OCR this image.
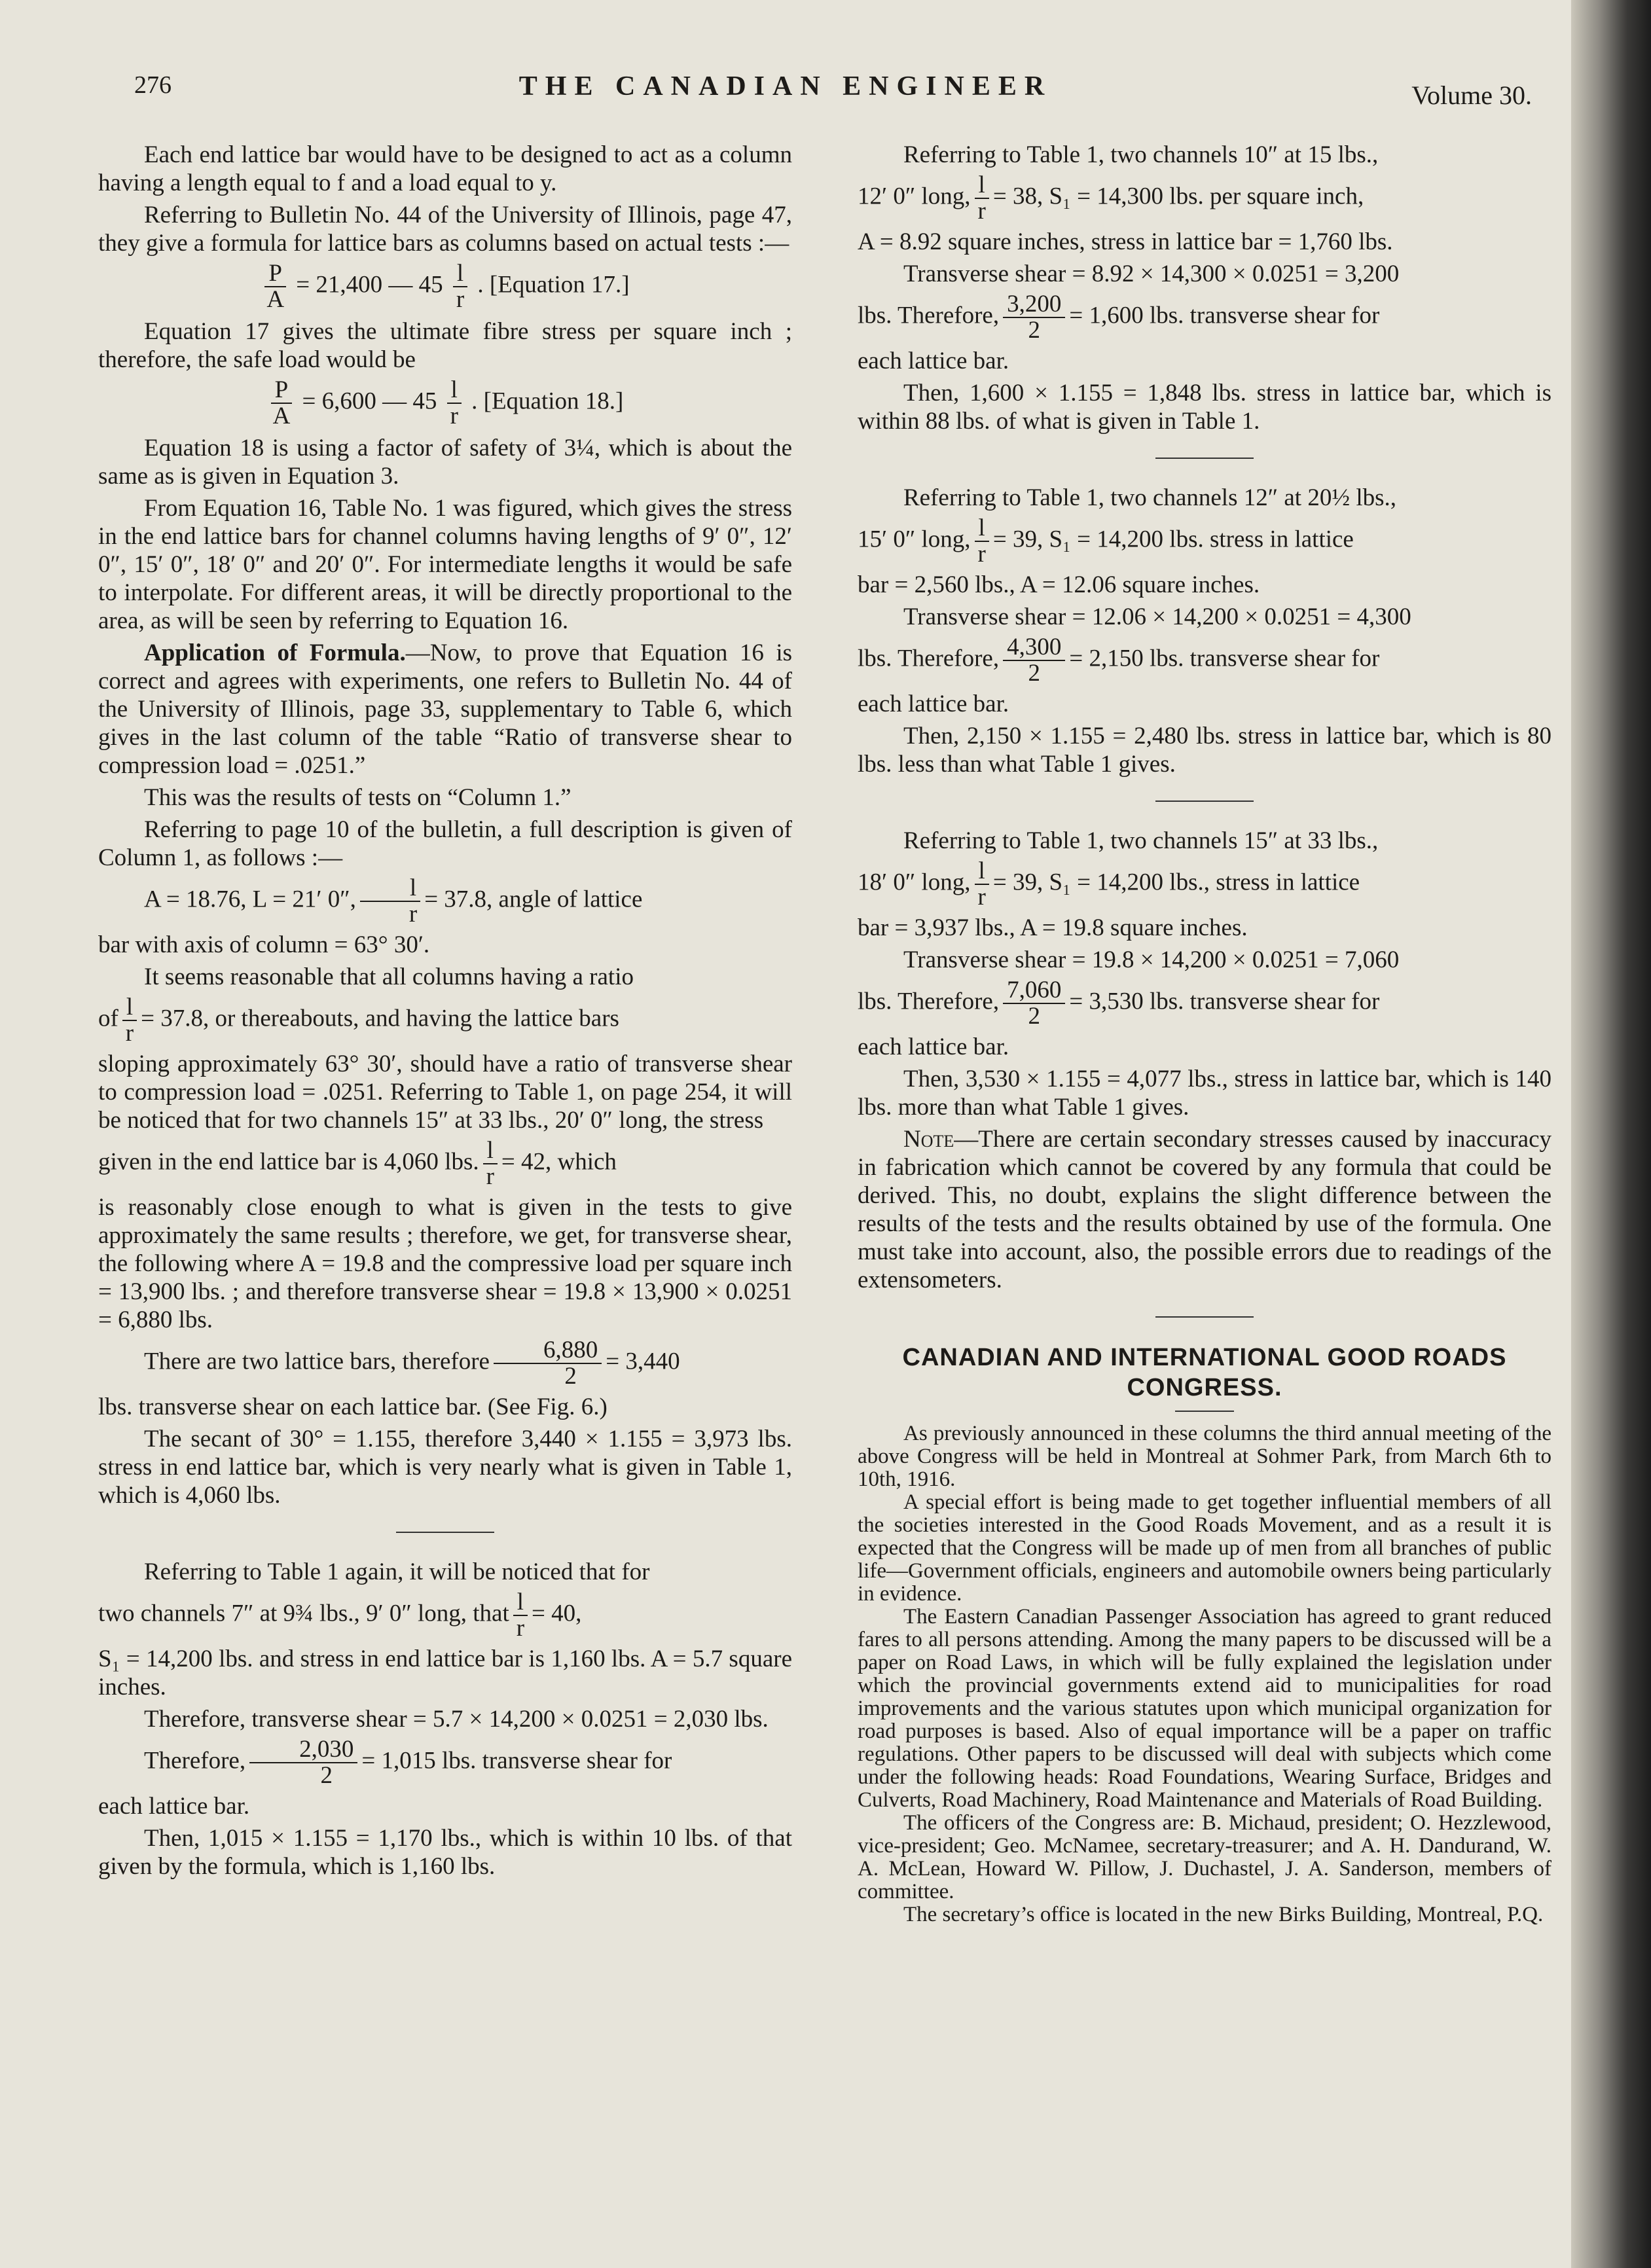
276	THE CANADIAN ENGINEER	Volume 30.

Each end lattice bar would have to be designed to act as a column having a length equal to f and a load equal to y.

Referring to Bulletin No. 44 of the University of Illinois, page 47, they give a formula for lattice bars as columns based on actual tests :—

$\frac{P}{A} = 21,400$ — $45 \frac{l}{r}$ . [Equation 17.]

Equation 17 gives the ultimate fibre stress per square inch ; therefore, the safe load would be

$\frac{P}{A} = 6,600$ — $45 \frac{l}{r}$ . [Equation 18.]

Equation 18 is using a factor of safety of 3¼, which is about the same as is given in Equation 3.

From Equation 16, Table No. 1 was figured, which gives the stress in the end lattice bars for channel columns having lengths of 9′ 0″, 12′ 0″, 15′ 0″, 18′ 0″ and 20′ 0″. For intermediate lengths it would be safe to interpolate. For different areas, it will be directly proportional to the area, as will be seen by referring to Equation 16.

Application of Formula.—Now, to prove that Equation 16 is correct and agrees with experiments, one refers to Bulletin No. 44 of the University of Illinois, page 33, supplementary to Table 6, which gives in the last column of the table “Ratio of transverse shear to compression load = .0251.”

This was the results of tests on “Column 1.”

Referring to page 10 of the bulletin, a full description is given of Column 1, as follows :—

A = 18.76, L = 21′ 0″, $\frac{l}{r} = 37.8$, angle of lattice

bar with axis of column = 63° 30′.

It seems reasonable that all columns having a ratio

of $\frac{l}{r} = 37.8$, or thereabouts, and having the lattice bars

sloping approximately 63° 30′, should have a ratio of transverse shear to compression load = .0251. Referring to Table 1, on page 254, it will be noticed that for two channels 15″ at 33 lbs., 20′ 0″ long, the stress

given in the end lattice bar is 4,060 lbs. $\frac{l}{r} = 42$, which

is reasonably close enough to what is given in the tests to give approximately the same results ; therefore, we get, for transverse shear, the following where A = 19.8 and the compressive load per square inch = 13,900 lbs. ; and therefore transverse shear = 19.8 × 13,900 × 0.0251 = 6,880 lbs.

There are two lattice bars, therefore $\frac{6,880}{2} = 3,440$

lbs. transverse shear on each lattice bar. (See Fig. 6.)

The secant of 30° = 1.155, therefore 3,440 × 1.155 = 3,973 lbs. stress in end lattice bar, which is very nearly what is given in Table 1, which is 4,060 lbs.

Referring to Table 1 again, it will be noticed that for

two channels 7″ at 9¾ lbs., 9′ 0″ long, that $\frac{l}{r} = 40$,

S₁ = 14,200 lbs. and stress in end lattice bar is 1,160 lbs. A = 5.7 square inches.

Therefore, transverse shear = 5.7 × 14,200 × 0.0251 = 2,030 lbs.

Therefore, $\frac{2,030}{2} = 1,015$ lbs. transverse shear for

each lattice bar.

Then, 1,015 × 1.155 = 1,170 lbs., which is within 10 lbs. of that given by the formula, which is 1,160 lbs.

Referring to Table 1, two channels 10″ at 15 lbs.,

12′ 0″ long, $\frac{l}{r} = 38$, S₁ = 14,300 lbs. per square inch,

A = 8.92 square inches, stress in lattice bar = 1,760 lbs.

Transverse shear = 8.92 × 14,300 × 0.0251 = 3,200

lbs. Therefore, $\frac{3,200}{2} = 1,600$ lbs. transverse shear for

each lattice bar.

Then, 1,600 × 1.155 = 1,848 lbs. stress in lattice bar, which is within 88 lbs. of what is given in Table 1.

Referring to Table 1, two channels 12″ at 20½ lbs.,

15′ 0″ long, $\frac{l}{r} = 39$, S₁ = 14,200 lbs. stress in lattice

bar = 2,560 lbs., A = 12.06 square inches.

Transverse shear = 12.06 × 14,200 × 0.0251 = 4,300

lbs. Therefore, $\frac{4,300}{2} = 2,150$ lbs. transverse shear for

each lattice bar.

Then, 2,150 × 1.155 = 2,480 lbs. stress in lattice bar, which is 80 lbs. less than what Table 1 gives.

Referring to Table 1, two channels 15″ at 33 lbs.,

18′ 0″ long, $\frac{l}{r} = 39$, S₁ = 14,200 lbs., stress in lattice

bar = 3,937 lbs., A = 19.8 square inches.

Transverse shear = 19.8 × 14,200 × 0.0251 = 7,060

lbs. Therefore, $\frac{7,060}{2} = 3,530$ lbs. transverse shear for

each lattice bar.

Then, 3,530 × 1.155 = 4,077 lbs., stress in lattice bar, which is 140 lbs. more than what Table 1 gives.

Note—There are certain secondary stresses caused by inaccuracy in fabrication which cannot be covered by any formula that could be derived. This, no doubt, explains the slight difference between the results of the tests and the results obtained by use of the formula. One must take into account, also, the possible errors due to readings of the extensometers.

CANADIAN AND INTERNATIONAL GOOD ROADS
CONGRESS.

As previously announced in these columns the third annual meeting of the above Congress will be held in Montreal at Sohmer Park, from March 6th to 10th, 1916.

A special effort is being made to get together influential members of all the societies interested in the Good Roads Movement, and as a result it is expected that the Congress will be made up of men from all branches of public life—Government officials, engineers and automobile owners being particularly in evidence.

The Eastern Canadian Passenger Association has agreed to grant reduced fares to all persons attending. Among the many papers to be discussed will be a paper on Road Laws, in which will be fully explained the legislation under which the provincial governments extend aid to municipalities for road improvements and the various statutes upon which municipal organization for road purposes is based. Also of equal importance will be a paper on traffic regulations. Other papers to be discussed will deal with subjects which come under the following heads: Road Foundations, Wearing Surface, Bridges and Culverts, Road Machinery, Road Maintenance and Materials of Road Building.

The officers of the Congress are: B. Michaud, president; O. Hezzlewood, vice-president; Geo. McNamee, secretary-treasurer; and A. H. Dandurand, W. A. McLean, Howard W. Pillow, J. Duchastel, J. A. Sanderson, members of committee.

The secretary’s office is located in the new Birks Building, Montreal, P.Q.
